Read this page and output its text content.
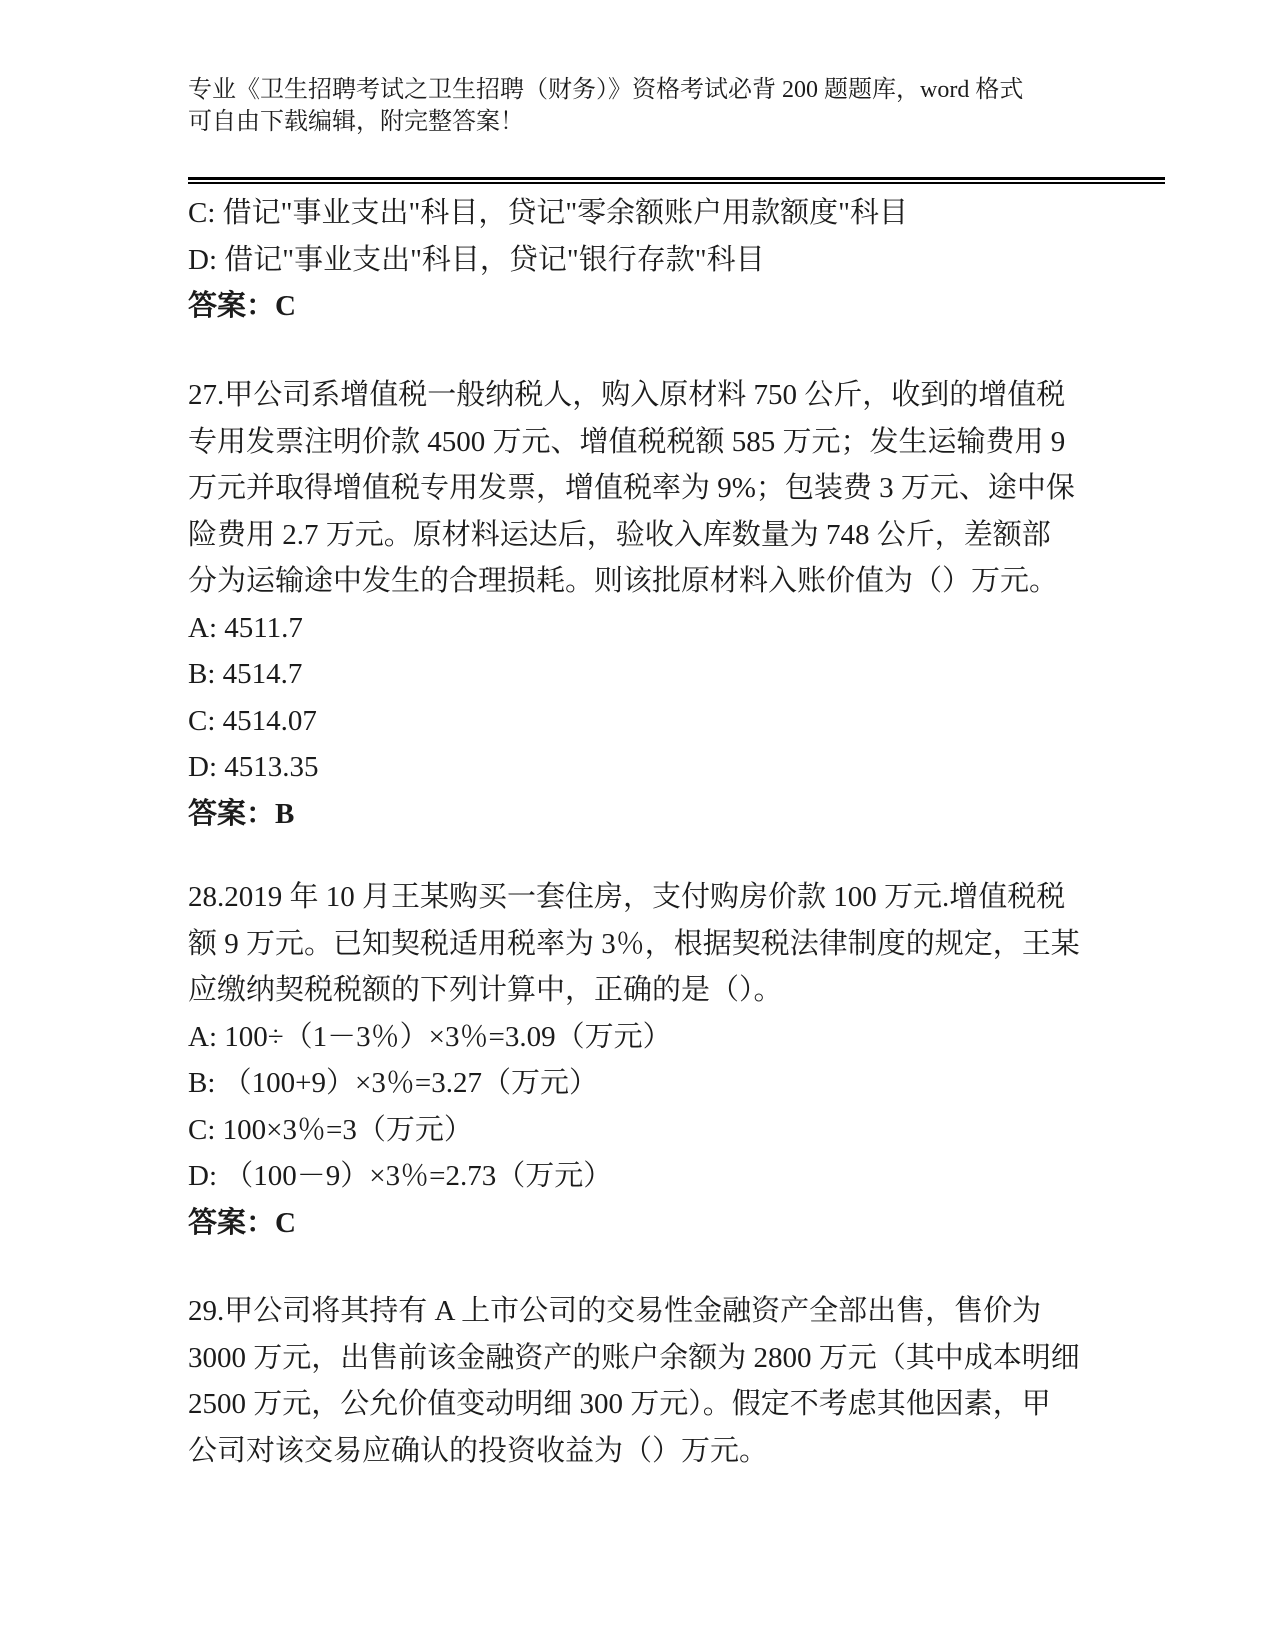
专业《卫生招聘考试之卫生招聘（财务）》资格考试必背 200 题题库，word 格式
可自由下载编辑，附完整答案！
C: 借记"事业支出"科目，贷记"零余额账户用款额度"科目
D: 借记"事业支出"科目，贷记"银行存款"科目
答案：C
27.甲公司系增值税一般纳税人，购入原材料 750 公斤，收到的增值税
专用发票注明价款 4500 万元、增值税税额 585 万元；发生运输费用 9
万元并取得增值税专用发票，增值税率为 9%；包装费 3 万元、途中保
险费用 2.7 万元。原材料运达后，验收入库数量为 748 公斤，差额部
分为运输途中发生的合理损耗。则该批原材料入账价值为（）万元。
A: 4511.7
B: 4514.7
C: 4514.07
D: 4513.35
答案：B
28.2019 年 10 月王某购买一套住房，支付购房价款 100 万元.增值税税
额 9 万元。已知契税适用税率为 3％，根据契税法律制度的规定，王某
应缴纳契税税额的下列计算中，正确的是（）。
A: 100÷（1－3％）×3％=3.09（万元）
B: （100+9）×3％=3.27（万元）
C: 100×3％=3（万元）
D: （100－9）×3％=2.73（万元）
答案：C
29.甲公司将其持有 A 上市公司的交易性金融资产全部出售，售价为
3000 万元，出售前该金融资产的账户余额为 2800 万元（其中成本明细
2500 万元，公允价值变动明细 300 万元）。假定不考虑其他因素，甲
公司对该交易应确认的投资收益为（）万元。
